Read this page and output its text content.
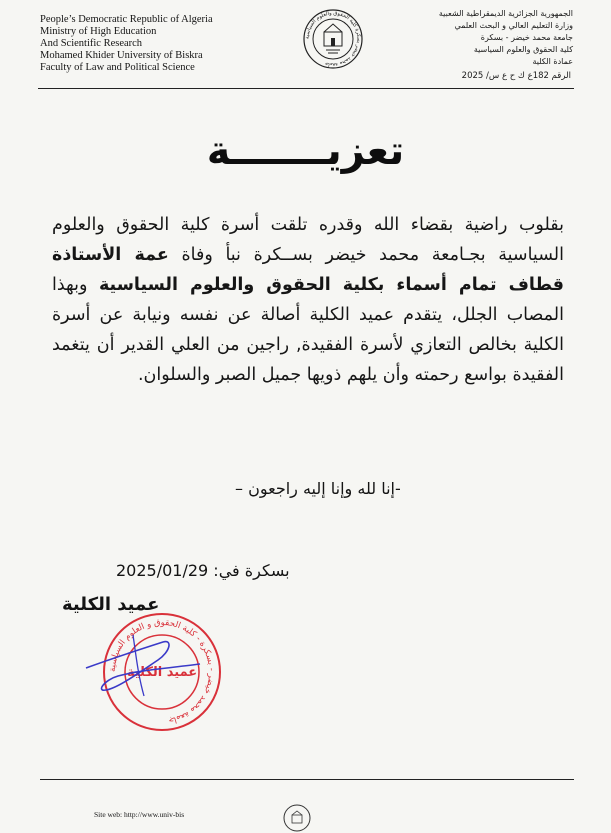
People’s Democratic Republic of Algeria
Ministry of High Education
And Scientific Research
Mohamed Khider University of Biskra
Faculty of Law and Political Science
جامعة محمد خيضر بسكرة كلية الحقوق والعلوم السياسية
الجمهورية الجزائرية الديمقراطية الشعبية
وزارة التعليم العالي و البحث العلمي
جامعة محمد خيضر - بسكرة
كلية الحقوق والعلوم السياسية
عمادة الكلية
الرقم 182ع ك ح ع س/ 2025
تعزيـــــــة
بقلوب راضية بقضاء الله وقدره تلقت أسرة كلية الحقوق والعلوم السياسية بجـامعة محمد خيضر بســكرة نبأ وفاة عمة الأستاذة قطاف تمام أسماء بكلية الحقوق والعلوم السياسية وبهذا المصاب الجلل، يتقدم عميد الكلية أصالة عن نفسه ونيابة عن أسرة الكلية بخالص التعازي لأسرة الفقيدة, راجين من العلي القدير أن يتغمد الفقيدة بواسع رحمته وأن يلهم ذويها جميل الصبر والسلوان.
-إنا لله وإنا إليه راجعون –
بسكرة في: 2025/01/29
عميد الكلية
جامعة محمد خيضر - بسكرة - كلية الحقوق و العلوم السياسية
عميد الكلية
Site web: http://www.univ-bis
